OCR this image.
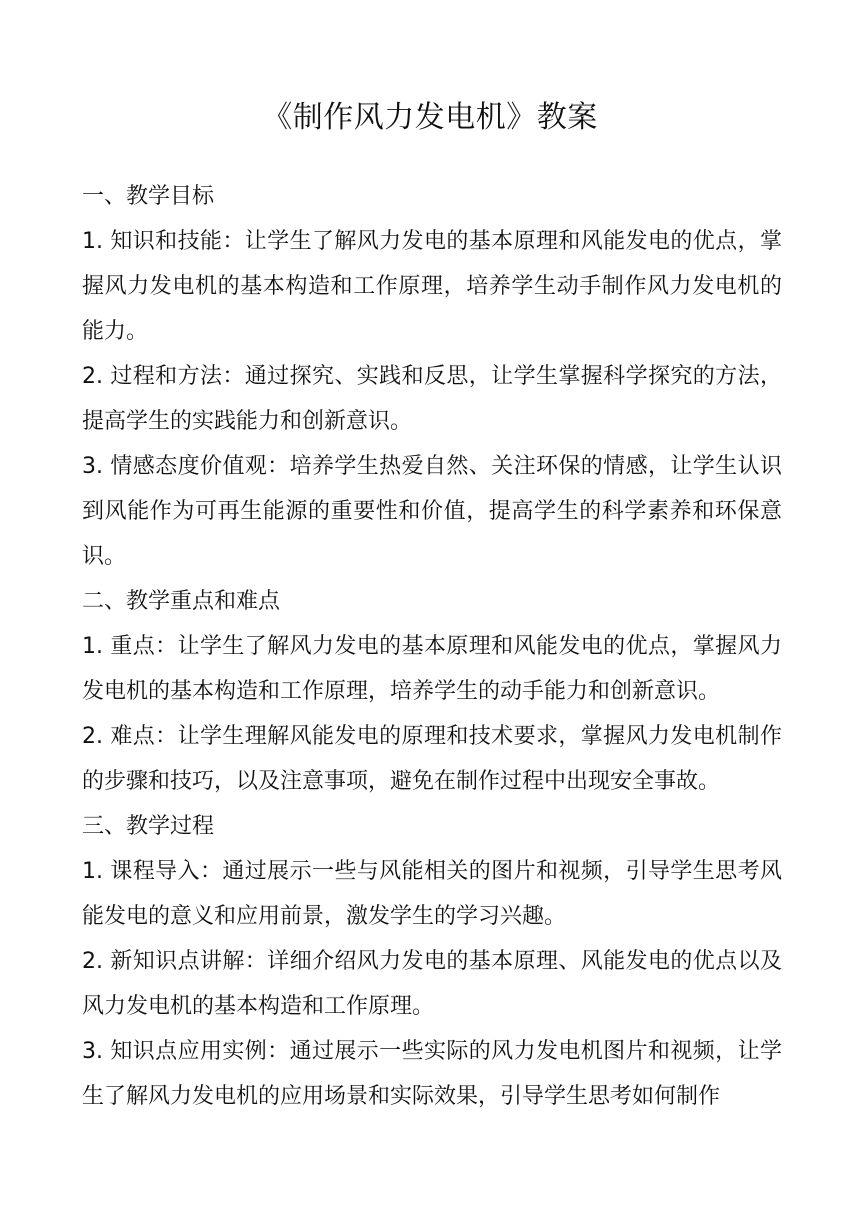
《制作风力发电机》教案
一、教学目标

1. 知识和技能：让学生了解风力发电的基本原理和风能发电的优点，掌握风力发电机的基本构造和工作原理，培养学生动手制作风力发电机的能力。

2. 过程和方法：通过探究、实践和反思，让学生掌握科学探究的方法，提高学生的实践能力和创新意识。

3. 情感态度价值观：培养学生热爱自然、关注环保的情感，让学生认识到风能作为可再生能源的重要性和价值，提高学生的科学素养和环保意识。

二、教学重点和难点

1. 重点：让学生了解风力发电的基本原理和风能发电的优点，掌握风力发电机的基本构造和工作原理，培养学生的动手能力和创新意识。

2. 难点：让学生理解风能发电的原理和技术要求，掌握风力发电机制作的步骤和技巧，以及注意事项，避免在制作过程中出现安全事故。

三、教学过程

1. 课程导入：通过展示一些与风能相关的图片和视频，引导学生思考风能发电的意义和应用前景，激发学生的学习兴趣。

2. 新知识点讲解：详细介绍风力发电的基本原理、风能发电的优点以及风力发电机的基本构造和工作原理。

3. 知识点应用实例：通过展示一些实际的风力发电机图片和视频，让学生了解风力发电机的应用场景和实际效果，引导学生思考如何制作
